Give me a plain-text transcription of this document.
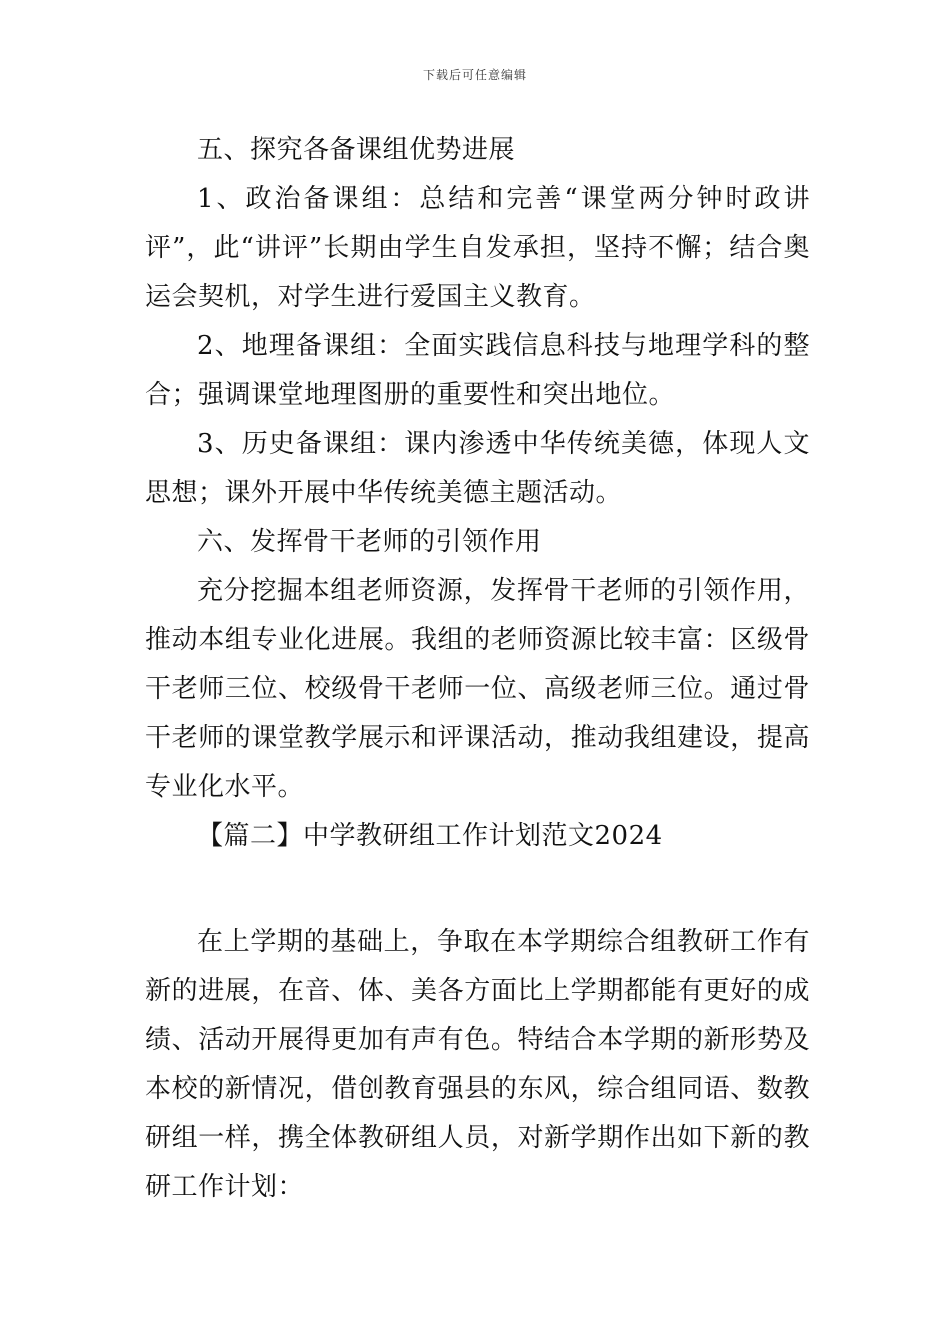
下载后可任意编辑

五、探究各备课组优势进展

1、政治备课组：总结和完善“课堂两分钟时政讲评”，此“讲评”长期由学生自发承担，坚持不懈；结合奥运会契机，对学生进行爱国主义教育。

2、地理备课组：全面实践信息科技与地理学科的整合；强调课堂地理图册的重要性和突出地位。

3、历史备课组：课内渗透中华传统美德，体现人文思想；课外开展中华传统美德主题活动。

六、发挥骨干老师的引领作用

充分挖掘本组老师资源，发挥骨干老师的引领作用，推动本组专业化进展。我组的老师资源比较丰富：区级骨干老师三位、校级骨干老师一位、高级老师三位。通过骨干老师的课堂教学展示和评课活动，推动我组建设，提高专业化水平。

【篇二】中学教研组工作计划范文2024

在上学期的基础上，争取在本学期综合组教研工作有新的进展，在音、体、美各方面比上学期都能有更好的成绩、活动开展得更加有声有色。特结合本学期的新形势及本校的新情况，借创教育强县的东风，综合组同语、数教研组一样，携全体教研组人员，对新学期作出如下新的教研工作计划：
